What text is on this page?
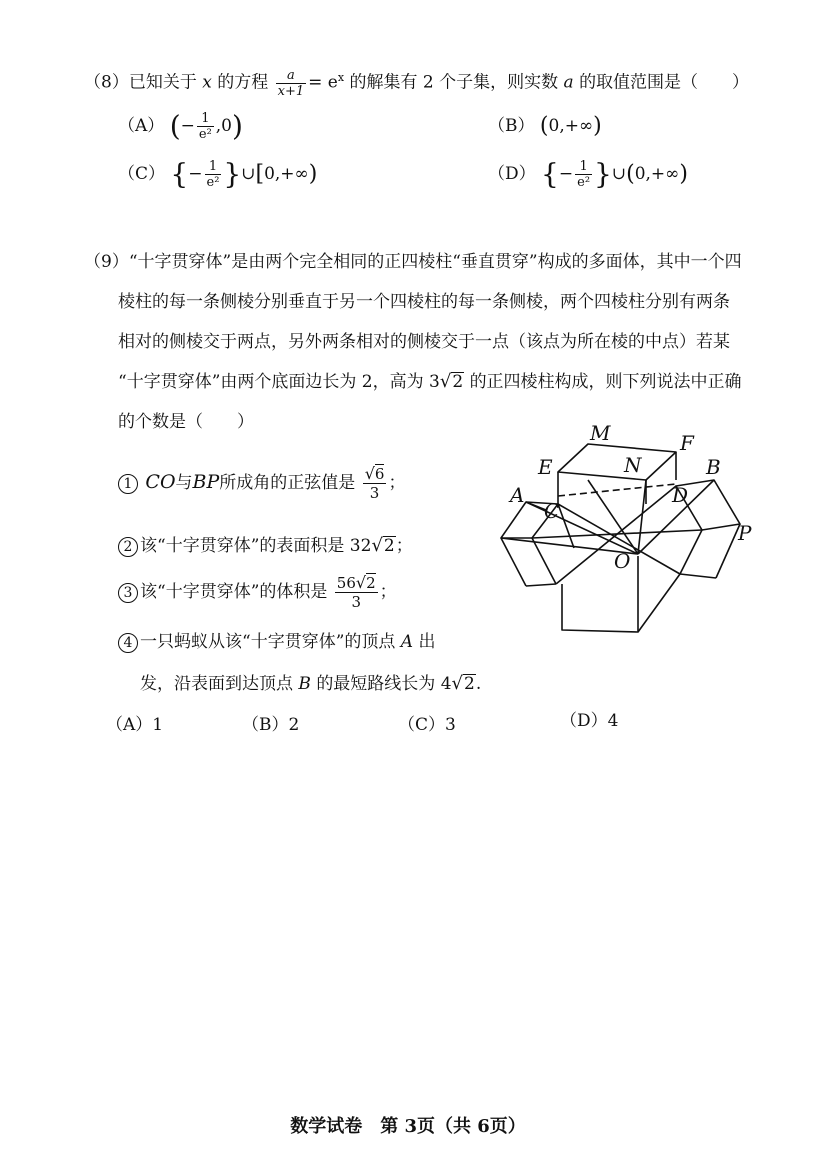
（8）已知关于 x 的方程 $\frac{a}{x+1} = e^x$ 的解集有 2 个子集，则实数 a 的取值范围是（　　）
（A） (− $\frac{1}{\text{e²}} ,0$)	（B） (0,+∞)
（C） {− $\frac{1}{\text{e²}}$ }∪[0,+∞)	（D） {− $\frac{1}{\text{e²}}$ }∪(0,+∞)
（9）“十字贯穿体”是由两个完全相同的正四棱柱“垂直贯穿”构成的多面体，其中一个四
棱柱的每一条侧棱分别垂直于另一个四棱柱的每一条侧棱，两个四棱柱分别有两条
相对的侧棱交于两点，另外两条相对的侧棱交于一点（该点为所在棱的中点）若某
“十字贯穿体”由两个底面边长为 2，高为 3√2 的正四棱柱构成，则下列说法中正确
的个数是（　　）
1 CO与BP所成角的正弦值是 $\frac{√6}{3}$ ；
2 该“十字贯穿体”的表面积是 32√2；
3 该“十字贯穿体”的体积是 $\frac{56√2}{3}$ ；
4 一只蚂蚁从该“十字贯穿体”的顶点 A 出
发，沿表面到达顶点 B 的最短路线长为 4√2.
（A）1	（B）2	（C）3	（D）4
M	F
E	N	B
A
C
D
P
O
数学试卷　第 3页（共 6页）
